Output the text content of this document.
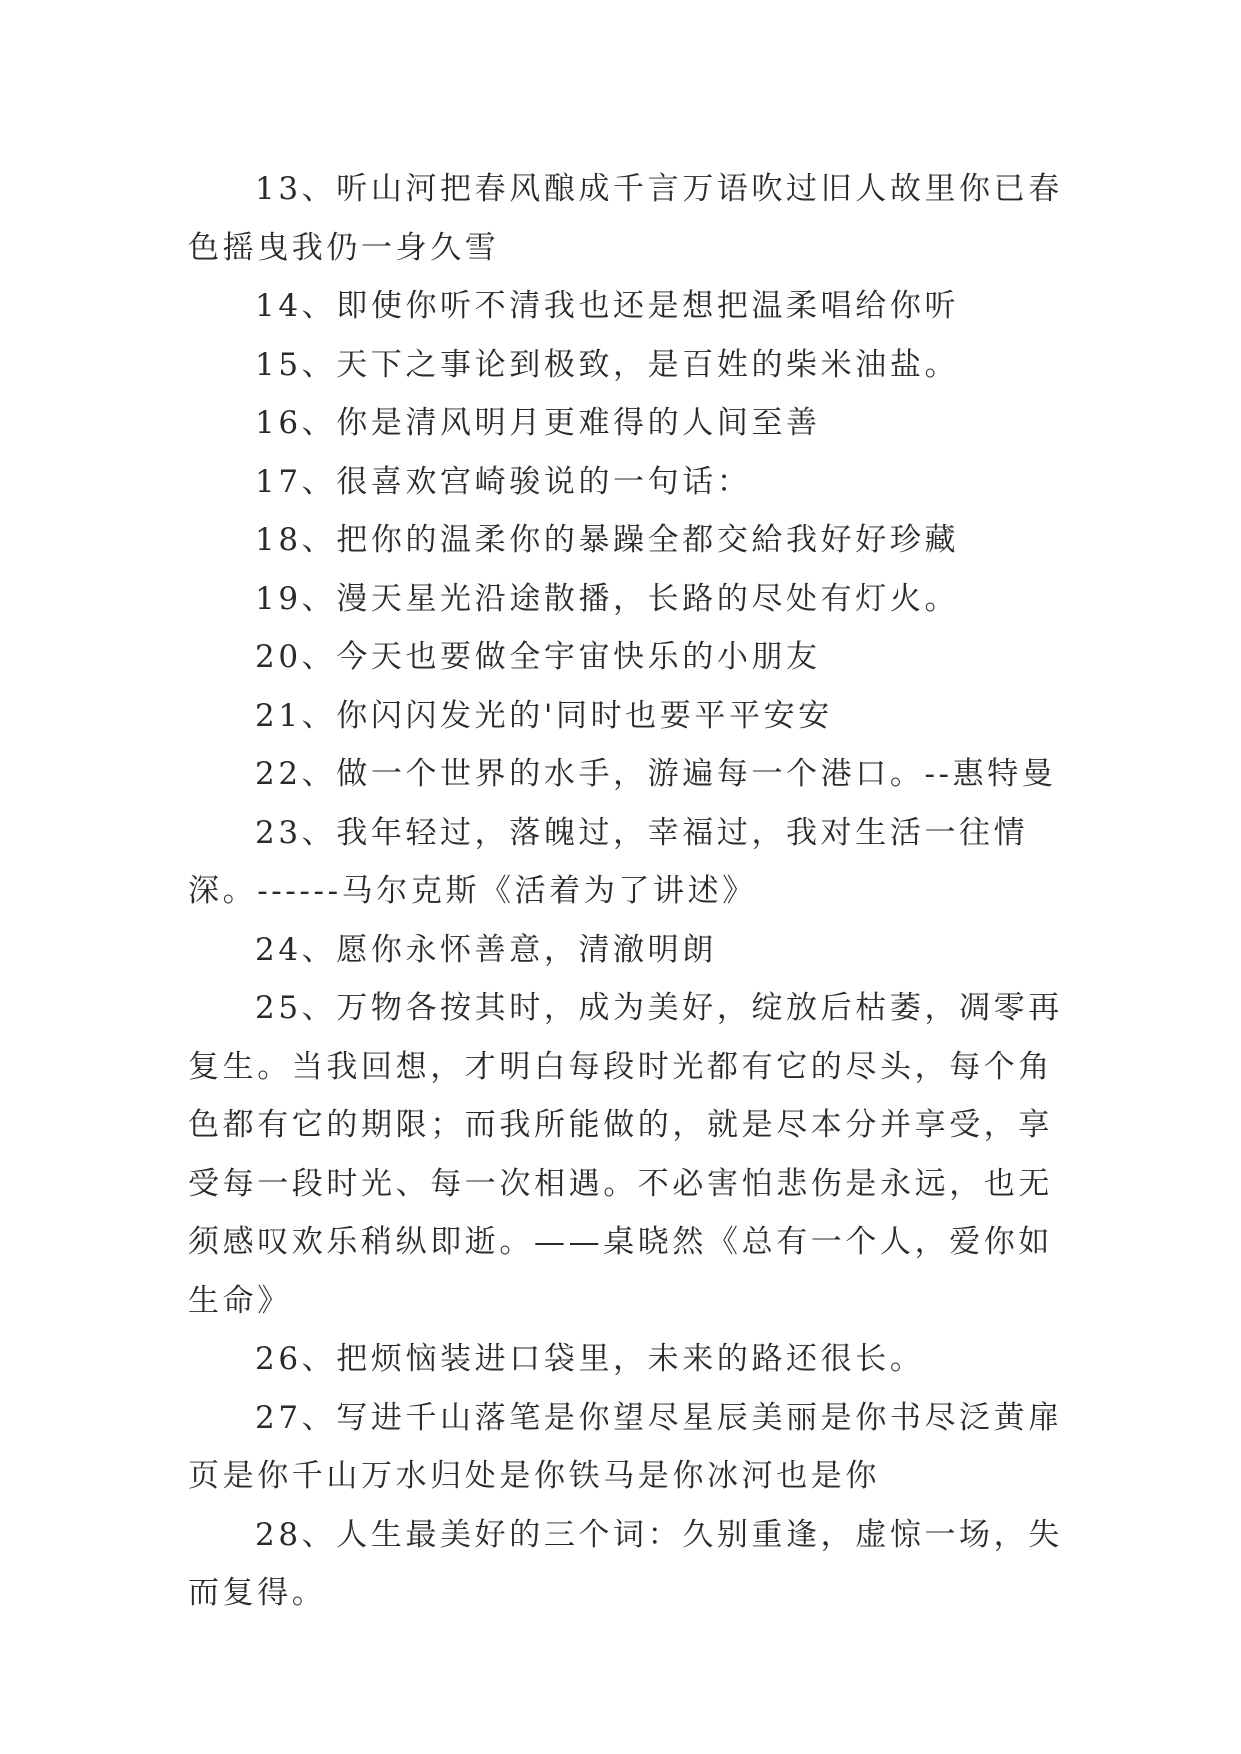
13、听山河把春风酿成千言万语吹过旧人故里你已春色摇曳我仍一身久雪

14、即使你听不清我也还是想把温柔唱给你听

15、天下之事论到极致，是百姓的柴米油盐。

16、你是清风明月更难得的人间至善

17、很喜欢宫崎骏说的一句话：

18、把你的温柔你的暴躁全都交給我好好珍藏

19、漫天星光沿途散播，长路的尽处有灯火。

20、今天也要做全宇宙快乐的小朋友

21、你闪闪发光的'同时也要平平安安

22、做一个世界的水手，游遍每一个港口。--惠特曼

23、我年轻过，落魄过，幸福过，我对生活一往情深。------马尔克斯《活着为了讲述》

24、愿你永怀善意，清澈明朗

25、万物各按其时，成为美好，绽放后枯萎，凋零再复生。当我回想，才明白每段时光都有它的尽头，每个角色都有它的期限；而我所能做的，就是尽本分并享受，享受每一段时光、每一次相遇。不必害怕悲伤是永远，也无须感叹欢乐稍纵即逝。——桌晓然《总有一个人，爱你如生命》

26、把烦恼装进口袋里，未来的路还很长。

27、写进千山落笔是你望尽星辰美丽是你书尽泛黄扉页是你千山万水归处是你铁马是你冰河也是你

28、人生最美好的三个词：久别重逢，虚惊一场，失而复得。
